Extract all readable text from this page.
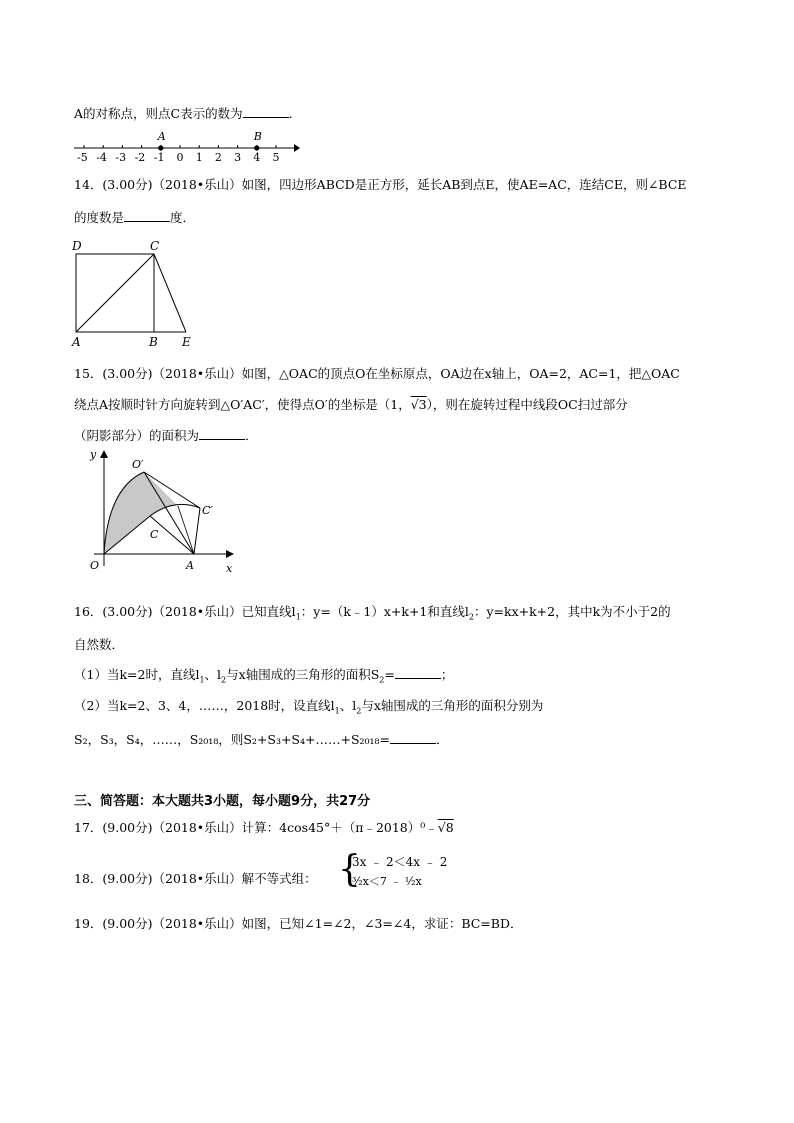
A的对称点，则点C表示的数为	.
-5 -4 -3 -2 -1 0 1 2 3 4 5
A	B
14．(3.00分)（2018•乐山）如图，四边形ABCD是正方形，延长AB到点E，使AE=AC，连结CE，则∠BCE
的度数是	度．
D	C
A	B E
15．(3.00分)（2018•乐山）如图，△OAC的顶点O在坐标原点，OA边在x轴上，OA=2，AC=1，把△OAC
绕点A按顺时针方向旋转到△O′AC′，使得点O′的坐标是（1，√3），则在旋转过程中线段OC扫过部分
（阴影部分）的面积为	．
y
x
O	A
C
O′
C′
16．(3.00分)（2018•乐山）已知直线$l_1$：y=（k﹣1）x+k+1和直线$l_2$：y=kx+k+2，其中k为不小于2的
自然数．
（1）当k=2时，直线$l_1$、$l_2$与x轴围成的三角形的面积$S_2=$	；
（2）当k=2、3、4，……，2018时，设直线$l_1$、$l_2$与x轴围成的三角形的面积分别为
S₂，S₃，S₄，……，S₂₀₁₈，则S₂+S₃+S₄+……+S₂₀₁₈=	．
三、简答题：本大题共3小题，每小题9分，共27分
17．(9.00分)（2018•乐山）计算：4cos45°＋（π﹣2018）⁰﹣√8
18．(9.00分)（2018•乐山）解不等式组： {
3x ﹣ 2＜4x ﹣ 2
³⁄₂x＜7 ﹣ ¹⁄₂x
19．(9.00分)（2018•乐山）如图，已知∠1=∠2，∠3=∠4，求证：BC=BD．
